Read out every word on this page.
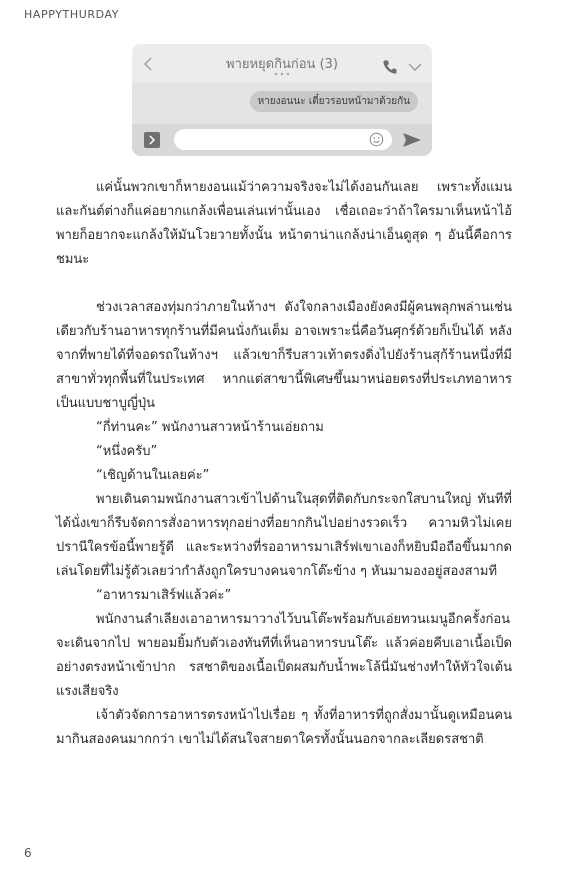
HAPPYTHURDAY
พายหยุดกินก่อน (3)
หายงอนนะ เดี๋ยวรอบหน้ามาด้วยกัน

แค่นั้นพวกเขาก็หายงอนแม้ว่าความจริงจะไม่ได้งอนกันเลย เพราะทั้งแมนและกันต์ต่างก็แค่อยากแกล้งเพื่อนเล่นเท่านั้นเอง เชื่อเถอะว่าถ้าใครมาเห็นหน้าไอ้พายก็อยากจะแกล้งให้มันโวยวายทั้งนั้น หน้าตาน่าแกล้งน่าเอ็นดูสุด ๆ อันนี้คือการชมนะ

ช่วงเวลาสองทุ่มกว่าภายในห้างฯ ดังใจกลางเมืองยังคงมีผู้คนพลุกพล่านเช่นเดียวกับร้านอาหารทุกร้านที่มีคนนั่งกันเต็ม อาจเพราะนี่คือวันศุกร์ด้วยก็เป็นได้ หลังจากที่พายได้ที่จอดรถในห้างฯ แล้วเขาก็รีบสาวเท้าตรงดิ่งไปยังร้านสุก้ร้านหนึ่งที่มีสาขาทั่วทุกพื้นที่ในประเทศ หากแต่สาขานี้พิเศษขึ้นมาหน่อยตรงที่ประเภทอาหารเป็นแบบชาบูญี่ปุ่น

“กี่ท่านคะ” พนักงานสาวหน้าร้านเอ่ยถาม

“หนึ่งครับ”

“เชิญด้านในเลยค่ะ”

พายเดินตามพนักงานสาวเข้าไปด้านในสุดที่ติดกับกระจกใสบานใหญ่ ทันทีที่ได้นั่งเขาก็รีบจัดการสั่งอาหารทุกอย่างที่อยากกินไปอย่างรวดเร็ว ความหิวไม่เคยปรานีใครข้อนี้พายรู้ดี และระหว่างที่รออาหารมาเสิร์ฟเขาเองก็หยิบมือถือขึ้นมากดเล่นโดยที่ไม่รู้ตัวเลยว่ากำลังถูกใครบางคนจากโต๊ะข้าง ๆ หันมามองอยู่สองสามที

“อาหารมาเสิร์ฟแล้วค่ะ”

พนักงานลำเลียงเอาอาหารมาวางไว้บนโต๊ะพร้อมกับเอ่ยทวนเมนูอีกครั้งก่อนจะเดินจากไป พายอมยิ้มกับตัวเองทันทีที่เห็นอาหารบนโต๊ะ แล้วค่อยคีบเอาเนื้อเป็ดอย่างตรงหน้าเข้าปาก รสชาติของเนื้อเป็ดผสมกับน้ำพะโล้นี่มันช่างทำให้หัวใจเต้นแรงเสียจริง

เจ้าตัวจัดการอาหารตรงหน้าไปเรื่อย ๆ ทั้งที่อาหารที่ถูกสั่งมานั้นดูเหมือนคนมากินสองคนมากกว่า เขาไม่ได้สนใจสายตาใครทั้งนั้นนอกจากละเลียดรสชาติ

6
